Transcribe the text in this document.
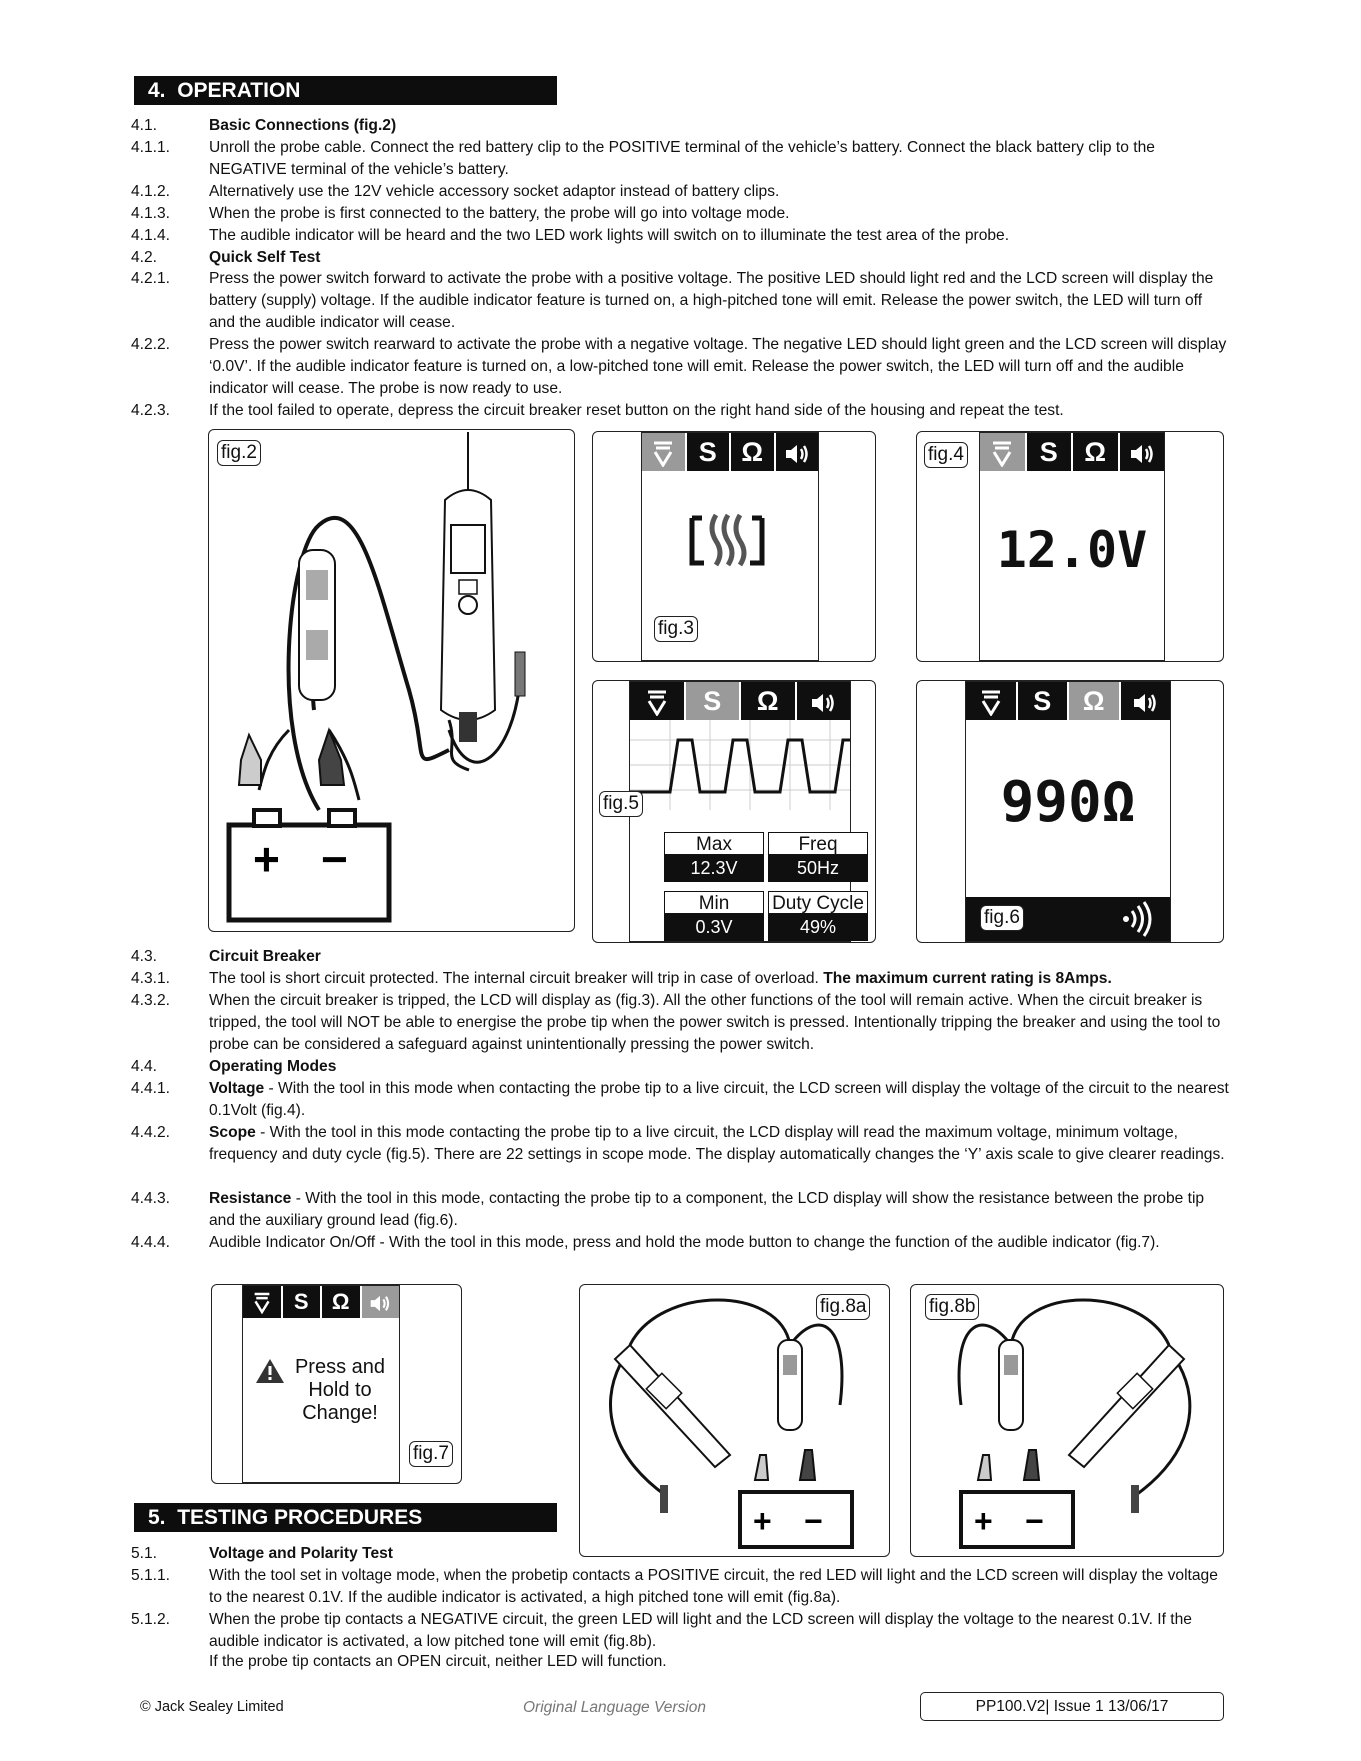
4. OPERATION
4.1.	Basic Connections (fig.2)
4.1.1. Unroll the probe cable. Connect the red battery clip to the POSITIVE terminal of the vehicle’s battery. Connect the black battery clip to the NEGATIVE terminal of the vehicle’s battery.
4.1.2. Alternatively use the 12V vehicle accessory socket adaptor instead of battery clips.
4.1.3. When the probe is first connected to the battery, the probe will go into voltage mode.
4.1.4. The audible indicator will be heard and the two LED work lights will switch on to illuminate the test area of the probe.
4.2.	Quick Self Test
4.2.1. Press the power switch forward to activate the probe with a positive voltage. The positive LED should light red and the LCD screen will display the battery (supply) voltage. If the audible indicator feature is turned on, a high-pitched tone will emit. Release the power switch, the LED will turn off and the audible indicator will cease.
4.2.2. Press the power switch rearward to activate the probe with a negative voltage. The negative LED should light green and the LCD screen will display ‘0.0V’. If the audible indicator feature is turned on, a low-pitched tone will emit. Release the power switch, the LED will turn off and the audible indicator will cease. The probe is now ready to use.
4.2.3. If the tool failed to operate, depress the circuit breaker reset button on the right hand side of the housing and repeat the test.
fig.2
+ −
S Ω
fig.3
fig.4	S Ω
12.0V
S	Ω
Max	Freq
12.3V	50Hz
Min	Duty Cycle
0.3V	49%
fig.5
S	Ω
990Ω
fig.6
4.3.	Circuit Breaker
4.3.1. The tool is short circuit protected. The internal circuit breaker will trip in case of overload. The maximum current rating is 8Amps.
4.3.2. When the circuit breaker is tripped, the LCD will display as (fig.3). All the other functions of the tool will remain active. When the circuit breaker is tripped, the tool will NOT be able to energise the probe tip when the power switch is pressed. Intentionally tripping the breaker and using the tool to probe can be considered a safeguard against unintentionally pressing the power switch.
4.4.	Operating Modes
4.4.1. Voltage - With the tool in this mode when contacting the probe tip to a live circuit, the LCD screen will display the voltage of the circuit to the nearest 0.1Volt (fig.4).
4.4.2. Scope - With the tool in this mode contacting the probe tip to a live circuit, the LCD display will read the maximum voltage, minimum voltage, frequency and duty cycle (fig.5). There are 22 settings in scope mode. The display automatically changes the ‘Y’ axis scale to give clearer readings.
4.4.3. Resistance - With the tool in this mode, contacting the probe tip to a component, the LCD display will show the resistance between the probe tip and the auxiliary ground lead (fig.6).
4.4.4. Audible Indicator On/Off - With the tool in this mode, press and hold the mode button to change the function of the audible indicator (fig.7).
S	Ω
Press and
Hold to
Change!
fig.7
fig.8a
+ −
fig.8b
+ −
5. TESTING PROCEDURES
5.1.	Voltage and Polarity Test
5.1.1. With the tool set in voltage mode, when the probetip contacts a POSITIVE circuit, the red LED will light and the LCD screen will display the voltage to the nearest 0.1V. If the audible indicator is activated, a high pitched tone will emit (fig.8a).
5.1.2. When the probe tip contacts a NEGATIVE circuit, the green LED will light and the LCD screen will display the voltage to the nearest 0.1V. If the audible indicator is activated, a low pitched tone will emit (fig.8b).
If the probe tip contacts an OPEN circuit, neither LED will function.
© Jack Sealey Limited	Original Language Version	PP100.V2| Issue 1 13/06/17
